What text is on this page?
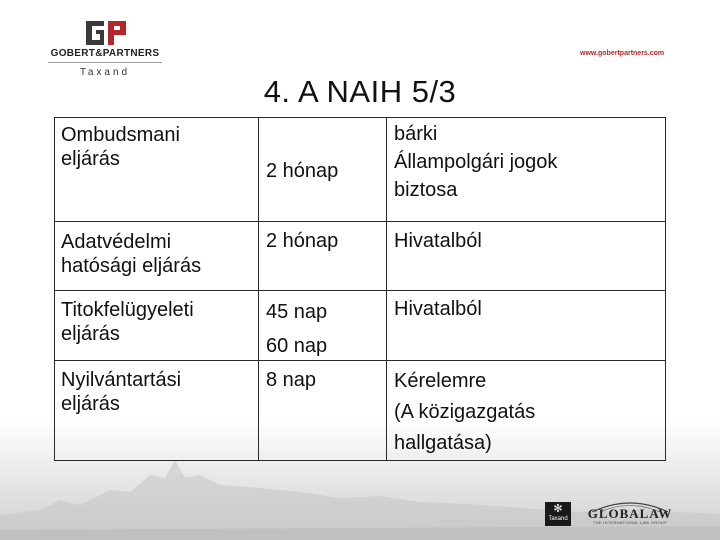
GOBERT&PARTNERS
Taxand
www.gobertpartners.com
4. A NAIH 5/3
Ombudsmani
eljárás
2 hónap
bárki
Állampolgári jogok
biztosa
Adatvédelmi
hatósági eljárás
2 hónap	Hivatalból
Titokfelügyeleti
eljárás
45 nap
60 nap
Hivatalból
Nyilvántartási
eljárás
8 nap	Kérelemre
(A közigazgatás
hallgatása)
✻
Taxand GLOBALAW
THE INTERNATIONAL LAW GROUP
